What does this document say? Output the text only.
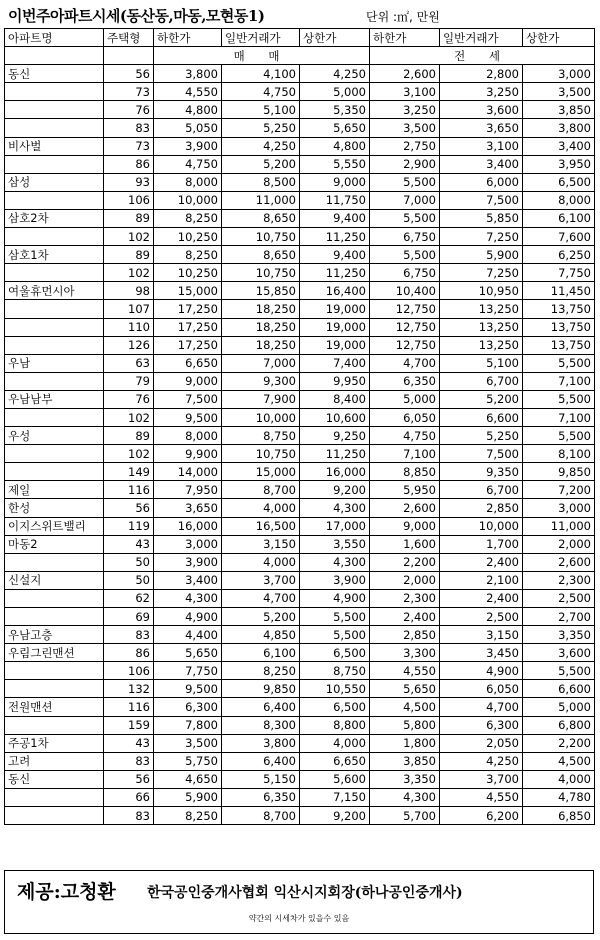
이번주아파트시세(동산동,마동,모현동1)	단위 :㎡, 만원
아파트명	주택형	하한가	일반거래가	상한가	하한가	일반거래가	상한가
		매 매			전 세		
동신	56	3,800	4,100	4,250	2,600	2,800	3,000
	73	4,550	4,750	5,000	3,100	3,250	3,500
	76	4,800	5,100	5,350	3,250	3,600	3,850
	83	5,050	5,250	5,650	3,500	3,650	3,800
비사벌	73	3,900	4,250	4,800	2,750	3,100	3,400
	86	4,750	5,200	5,550	2,900	3,400	3,950
삼성	93	8,000	8,500	9,000	5,500	6,000	6,500
	106	10,000	11,000	11,750	7,000	7,500	8,000
삼호2차	89	8,250	8,650	9,400	5,500	5,850	6,100
	102	10,250	10,750	11,250	6,750	7,250	7,600
삼호1차	89	8,250	8,650	9,400	5,500	5,900	6,250
	102	10,250	10,750	11,250	6,750	7,250	7,750
여울휴먼시아	98	15,000	15,850	16,400	10,400	10,950	11,450
	107	17,250	18,250	19,000	12,750	13,250	13,750
	110	17,250	18,250	19,000	12,750	13,250	13,750
	126	17,250	18,250	19,000	12,750	13,250	13,750
우남	63	6,650	7,000	7,400	4,700	5,100	5,500
	79	9,000	9,300	9,950	6,350	6,700	7,100
우남남부	76	7,500	7,900	8,400	5,000	5,200	5,500
	102	9,500	10,000	10,600	6,050	6,600	7,100
우성	89	8,000	8,750	9,250	4,750	5,250	5,500
	102	9,900	10,750	11,250	7,100	7,500	8,100
	149	14,000	15,000	16,000	8,850	9,350	9,850
제일	116	7,950	8,700	9,200	5,950	6,700	7,200
한성	56	3,650	4,000	4,300	2,600	2,850	3,000
이지스위트밸리	119	16,000	16,500	17,000	9,000	10,000	11,000
마동2	43	3,000	3,150	3,550	1,600	1,700	2,000
	50	3,900	4,000	4,300	2,200	2,400	2,600
신설지	50	3,400	3,700	3,900	2,000	2,100	2,300
	62	4,300	4,700	4,900	2,300	2,400	2,500
	69	4,900	5,200	5,500	2,400	2,500	2,700
우남고층	83	4,400	4,850	5,500	2,850	3,150	3,350
우림그린맨션	86	5,650	6,100	6,500	3,300	3,450	3,600
	106	7,750	8,250	8,750	4,550	4,900	5,500
	132	9,500	9,850	10,550	5,650	6,050	6,600
전원맨션	116	6,300	6,400	6,500	4,500	4,700	5,000
	159	7,800	8,300	8,800	5,800	6,300	6,800
주공1차	43	3,500	3,800	4,000	1,800	2,050	2,200
고려	83	5,750	6,400	6,650	3,850	4,250	4,500
동신	56	4,650	5,150	5,600	3,350	3,700	4,000
	66	5,900	6,350	7,150	4,300	4,550	4,780
	83	8,250	8,700	9,200	5,700	6,200	6,850
제공:고청환 한국공인중개사협회 익산시지회장(하나공인중개사)
약간의 시세차가 있을수 있음
